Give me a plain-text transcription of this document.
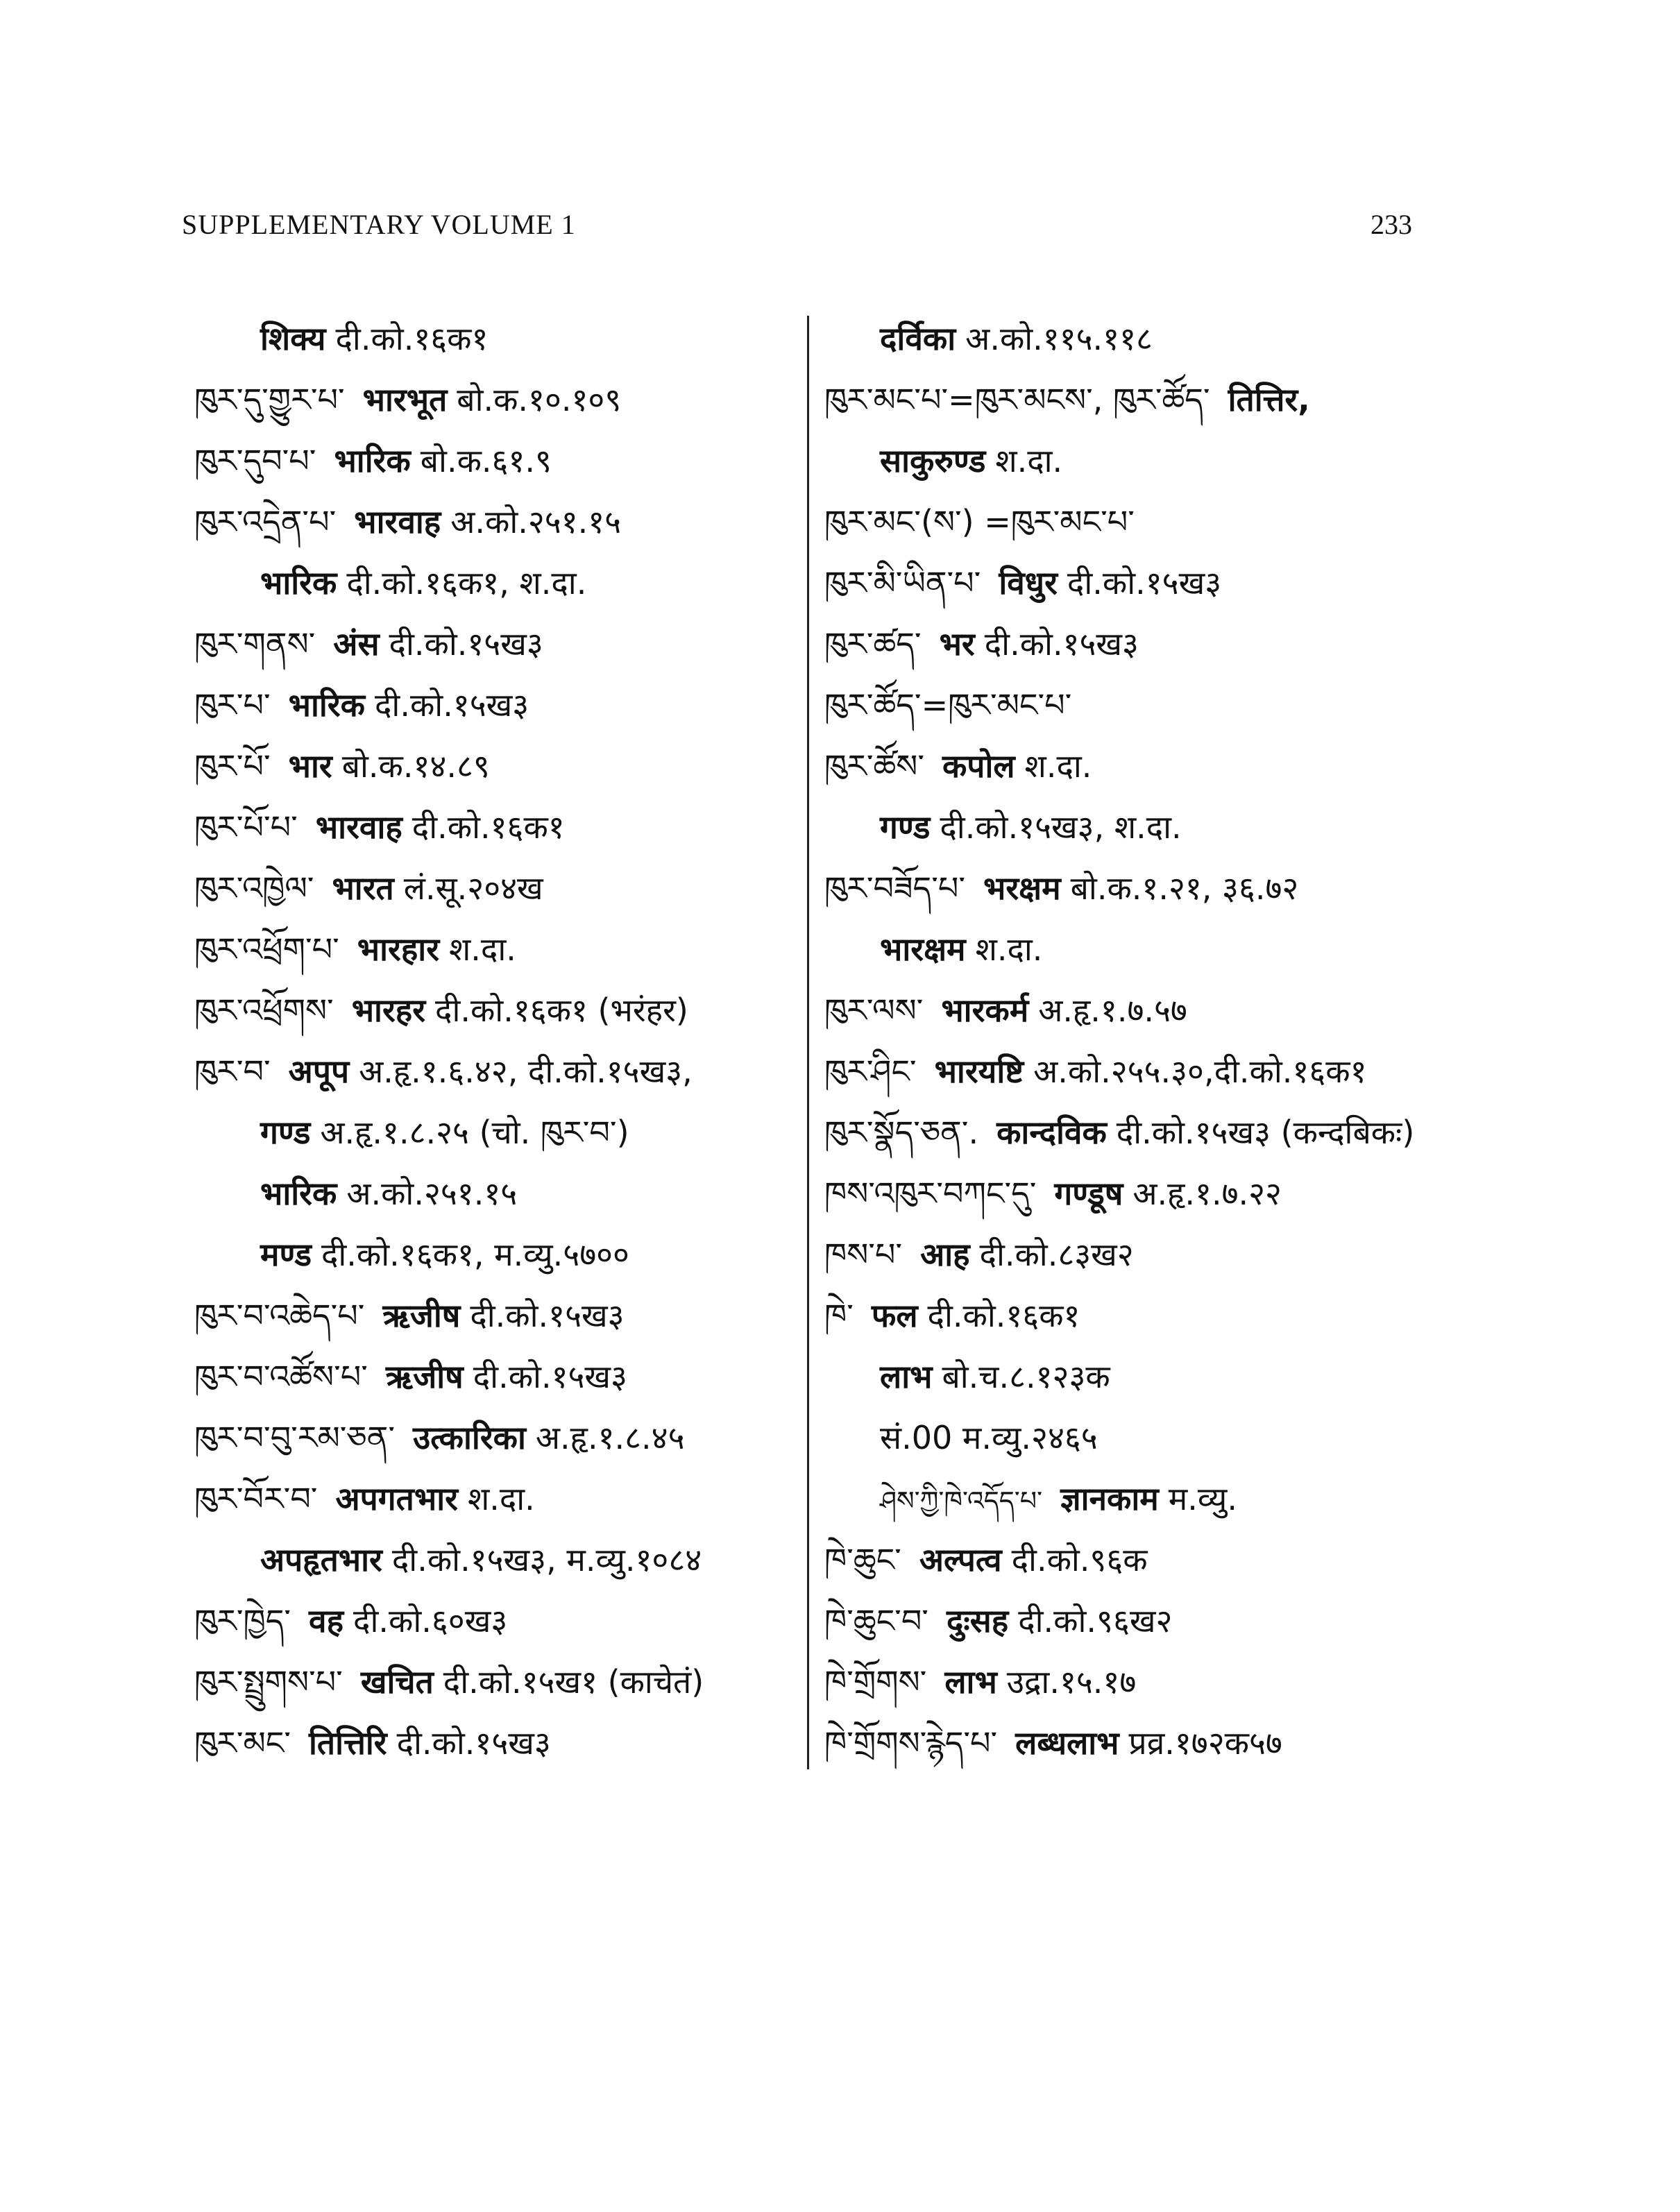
SUPPLEMENTARY VOLUME 1	233
शिक्य दी.को.१६क१
ཁུར་དུ་གྱུར་པ་ भारभूत बो.क.१०.१०९
ཁུར་དུབ་པ་ भारिक बो.क.६१.९
ཁུར་འདྲེན་པ་ भारवाह अ.को.२५१.१५
भारिक दी.को.१६क१, श.दा.
ཁུར་གནས་ अंस दी.को.१५ख३
ཁུར་པ་ भारिक दी.को.१५ख३
ཁུར་པོ་ भार बो.क.१४.८९
ཁུར་པོ་པ་ भारवाह दी.को.१६क१
ཁུར་འཁྱེལ་ भारत लं.सू.२०४ख
ཁུར་འཕྲོག་པ་ भारहार श.दा.
ཁུར་འཕྲོགས་ भारहर दी.को.१६क१ (भरंहर)
ཁུར་བ་ अपूप अ.हृ.१.६.४२, दी.को.१५ख३,
गण्ड अ.हृ.१.८.२५ (चो. ཁུར་བ་)
भारिक अ.को.२५१.१५
मण्ड दी.को.१६क१, म.व्यु.५७००
ཁུར་བ་འཆེད་པ་ ऋजीष दी.को.१५ख३
ཁུར་བ་འཚོས་པ་ ऋजीष दी.को.१५ख३
ཁུར་བ་བུ་རམ་ཅན་ उत्कारिका अ.हृ.१.८.४५
ཁུར་བོར་བ་ अपगतभार श.दा.
अपहृतभार दी.को.१५ख३, म.व्यु.१०८४
ཁུར་ཁྱེད་ वह दी.को.६०ख३
ཁུར་སྤྲུགས་པ་ खचित दी.को.१५ख१ (काचेतं)
ཁུར་མང་ तित्तिरि दी.को.१५ख३
दर्विका अ.को.११५.११८
ཁུར་མང་པ་=ཁུར་མངས་, ཁུར་ཚོད་ तित्तिर,
साकुरुण्ड श.दा.
ཁུར་མང་(ས་) =ཁུར་མང་པ་
ཁུར་མི་ཡིན་པ་ विधुर दी.को.१५ख३
ཁུར་ཚད་ भर दी.को.१५ख३
ཁུར་ཚོད་=ཁུར་མང་པ་
ཁུར་ཚོས་ कपोल श.दा.
गण्ड दी.को.१५ख३, श.दा.
ཁུར་བཟོད་པ་ भरक्षम बो.क.१.२१, ३६.७२
भारक्षम श.दा.
ཁུར་ལས་ भारकर्म अ.हृ.१.७.५७
ཁུར་ཤིང་ भारयष्टि अ.को.२५५.३०,दी.को.१६क१
ཁུར་སྣོད་ཅན་. कान्दविक दी.को.१५ख३ (कन्दबिकः)
ཁས་འཁུར་བཀང་དུ་ गण्डूष अ.हृ.१.७.२२
ཁས་པ་ आह दी.को.८३ख२
ཁེ་ फल दी.को.१६क१
लाभ बो.च.८.१२३क
सं.00 म.व्यु.२४६५
ཤེས་ཀྱི་ཁེ་འདོད་པ་ ज्ञानकाम म.व्यु.
ཁེ་ཆུང་ अल्पत्व दी.को.९६क
ཁེ་ཆུང་བ་ दुःसह दी.को.९६ख२
ཁེ་གྲོགས་ लाभ उद्रा.१५.१७
ཁེ་གྲོགས་རྙེད་པ་ लब्धलाभ प्रव्र.१७२क५७
